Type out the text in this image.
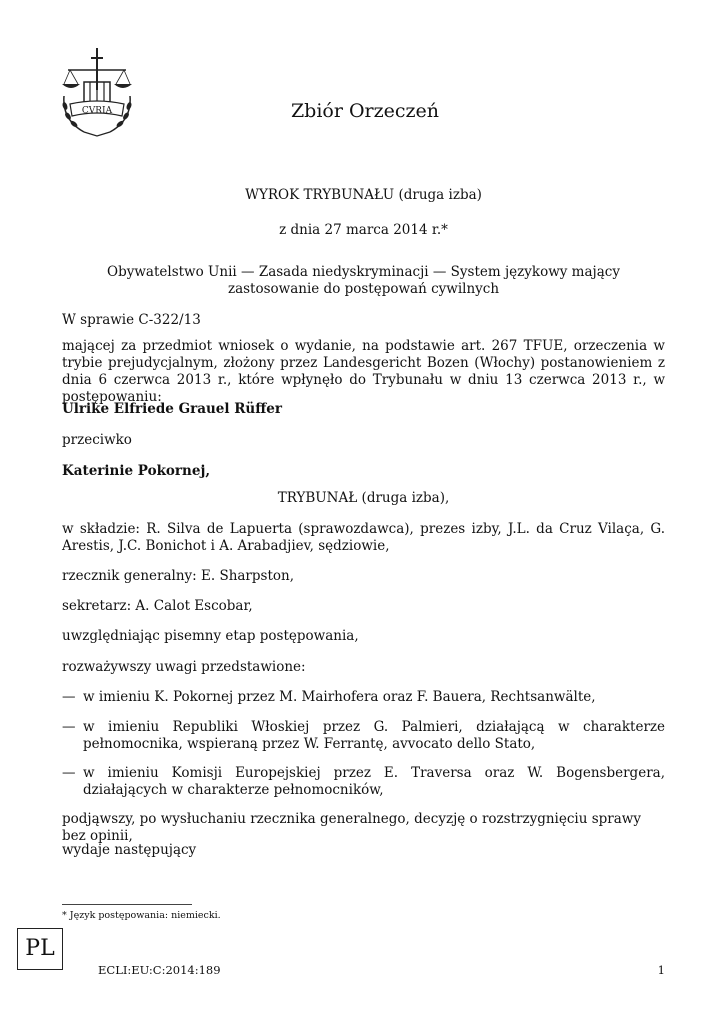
CVRIA	Zbiór Orzeczeń
WYROK TRYBUNAŁU (druga izba)
z dnia 27 marca 2014 r.*
Obywatelstwo Unii — Zasada niedyskryminacji — System językowy mający zastosowanie do postępowań cywilnych
W sprawie C-322/13
mającej za przedmiot wniosek o wydanie, na podstawie art. 267 TFUE, orzeczenia w trybie prejudycjalnym, złożony przez Landesgericht Bozen (Włochy) postanowieniem z dnia 6 czerwca 2013 r., które wpłynęło do Trybunału w dniu 13 czerwca 2013 r., w postępowaniu:
Ulrike Elfriede Grauel Rüffer
przeciwko
Katerinie Pokornej,
TRYBUNAŁ (druga izba),
w składzie: R. Silva de Lapuerta (sprawozdawca), prezes izby, J.L. da Cruz Vilaça, G. Arestis, J.C. Bonichot i A. Arabadjiev, sędziowie,
rzecznik generalny: E. Sharpston,
sekretarz: A. Calot Escobar,
uwzględniając pisemny etap postępowania,
rozważywszy uwagi przedstawione:
— w imieniu K. Pokornej przez M. Mairhofera oraz F. Bauera, Rechtsanwälte,
— w imieniu Republiki Włoskiej przez G. Palmieri, działającą w charakterze pełnomocnika, wspieraną przez W. Ferrantę, avvocato dello Stato,
— w imieniu Komisji Europejskiej przez E. Traversa oraz W. Bogensbergera, działających w charakterze pełnomocników,
podjąwszy, po wysłuchaniu rzecznika generalnego, decyzję o rozstrzygnięciu sprawy bez opinii,
wydaje następujący
* Język postępowania: niemiecki.
PL
ECLI:EU:C:2014:189	1
